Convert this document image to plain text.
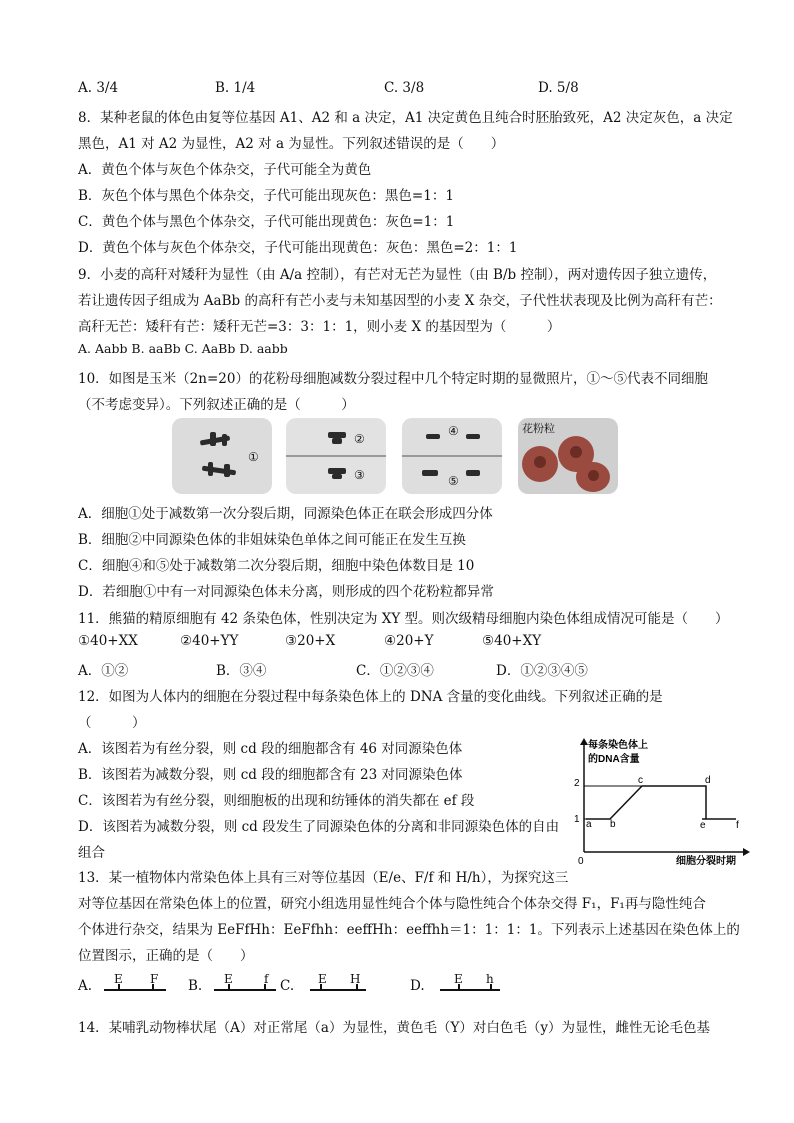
A. 3/4	B. 1/4	C. 3/8	D. 5/8
8．某种老鼠的体色由复等位基因 A1、A2 和 a 决定，A1 决定黄色且纯合时胚胎致死，A2 决定灰色，a 决定
黑色，A1 对 A2 为显性，A2 对 a 为显性。下列叙述错误的是（　　）
A．黄色个体与灰色个体杂交，子代可能全为黄色
B．灰色个体与黑色个体杂交，子代可能出现灰色：黑色=1：1
C．黄色个体与黑色个体杂交，子代可能出现黄色：灰色=1：1
D．黄色个体与灰色个体杂交，子代可能出现黄色：灰色：黑色=2：1：1
9．小麦的高秆对矮秆为显性（由 A/a 控制），有芒对无芒为显性（由 B/b 控制），两对遗传因子独立遗传，
若让遗传因子组成为 AaBb 的高秆有芒小麦与未知基因型的小麦 X 杂交，子代性状表现及比例为高秆有芒：
高秆无芒：矮秆有芒：矮秆无芒=3：3：1：1，则小麦 X 的基因型为（　　　）
A. Aabb B. aaBb C. AaBb D. aabb
10．如图是玉米（2n=20）的花粉母细胞减数分裂过程中几个特定时期的显微照片，①～⑤代表不同细胞
（不考虑变异）。下列叙述正确的是（　　　）
①
②
③
④
⑤
花粉粒
A．细胞①处于减数第一次分裂后期，同源染色体正在联会形成四分体
B．细胞②中同源染色体的非姐妹染色单体之间可能正在发生互换
C．细胞④和⑤处于减数第二次分裂后期，细胞中染色体数目是 10
D．若细胞①中有一对同源染色体未分离，则形成的四个花粉粒都异常
11．熊猫的精原细胞有 42 条染色体，性别决定为 XY 型。则次级精母细胞内染色体组成情况可能是（　　）
①40+XX	②40+YY	③20+X	④20+Y	⑤40+XY
A．①②	B．③④	C．①②③④	D．①②③④⑤
12．如图为人体内的细胞在分裂过程中每条染色体上的 DNA 含量的变化曲线。下列叙述正确的是
（　　　）
A．该图若为有丝分裂，则 cd 段的细胞都含有 46 对同源染色体
B．该图若为减数分裂，则 cd 段的细胞都含有 23 对同源染色体
C．该图若为有丝分裂，则细胞板的出现和纺锤体的消失都在 ef 段
D．该图若为减数分裂，则 cd 段发生了同源染色体的分离和非同源染色体的自由
组合
每条染色体上
的DNA含量
0	细胞分裂时期
1
2
a b
c	d
e	f
13．某一植物体内常染色体上具有三对等位基因（E/e、F/f 和 H/h），为探究这三
对等位基因在常染色体上的位置，研究小组选用显性纯合个体与隐性纯合个体杂交得 F₁，F₁再与隐性纯合
个体进行杂交，结果为 EeFfHh：EeFfhh：eeffHh：eeffhh＝1：1：1：1。下列表示上述基因在染色体上的
位置图示，正确的是（　　）
A. E F B. E	f C. E H	D. E h
14．某哺乳动物棒状尾（A）对正常尾（a）为显性，黄色毛（Y）对白色毛（y）为显性，雌性无论毛色基
